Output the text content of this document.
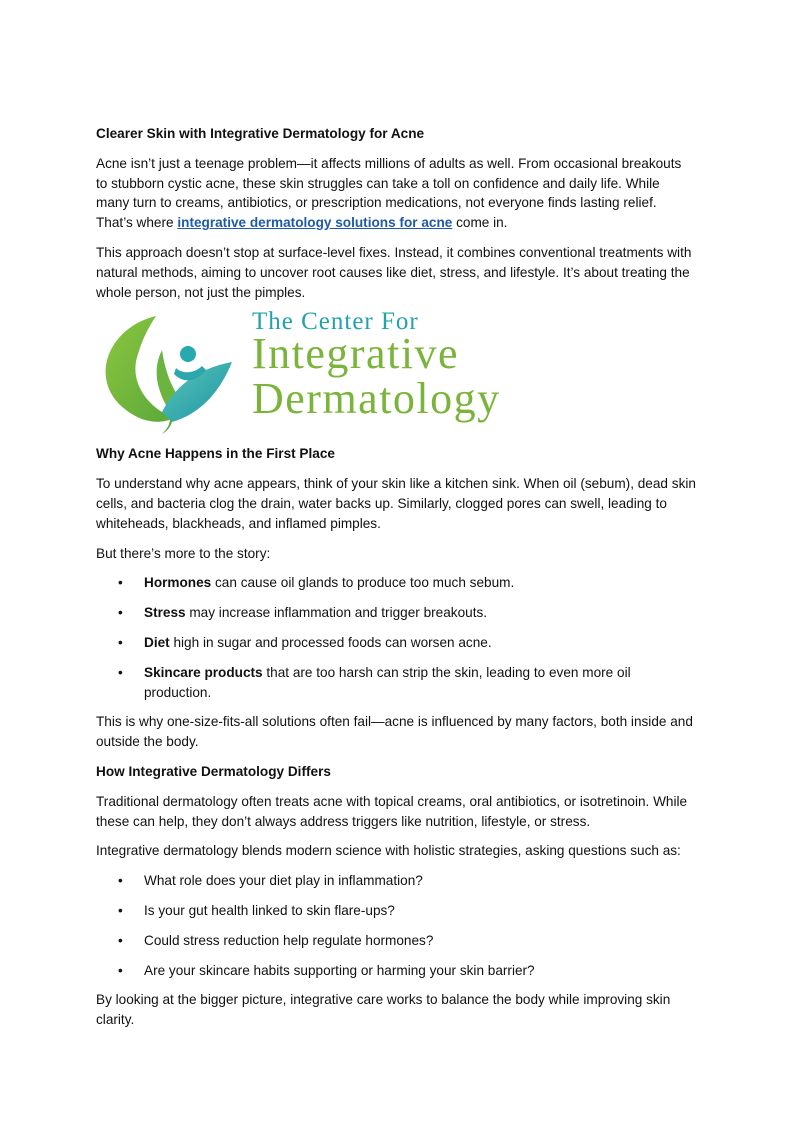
Clearer Skin with Integrative Dermatology for Acne

Acne isn’t just a teenage problem—it affects millions of adults as well. From occasional breakouts to stubborn cystic acne, these skin struggles can take a toll on confidence and daily life. While many turn to creams, antibiotics, or prescription medications, not everyone finds lasting relief. That’s where integrative dermatology solutions for acne come in.

This approach doesn’t stop at surface-level fixes. Instead, it combines conventional treatments with natural methods, aiming to uncover root causes like diet, stress, and lifestyle. It’s about treating the whole person, not just the pimples.

The Center For
Integrative
Dermatology
Why Acne Happens in the First Place

To understand why acne appears, think of your skin like a kitchen sink. When oil (sebum), dead skin cells, and bacteria clog the drain, water backs up. Similarly, clogged pores can swell, leading to whiteheads, blackheads, and inflamed pimples.

But there’s more to the story:

• Hormones can cause oil glands to produce too much sebum.
• Stress may increase inflammation and trigger breakouts.
• Diet high in sugar and processed foods can worsen acne.
• Skincare products that are too harsh can strip the skin, leading to even more oil production.

This is why one-size-fits-all solutions often fail—acne is influenced by many factors, both inside and outside the body.

How Integrative Dermatology Differs

Traditional dermatology often treats acne with topical creams, oral antibiotics, or isotretinoin. While these can help, they don’t always address triggers like nutrition, lifestyle, or stress.

Integrative dermatology blends modern science with holistic strategies, asking questions such as:

• What role does your diet play in inflammation?
• Is your gut health linked to skin flare-ups?
• Could stress reduction help regulate hormones?
• Are your skincare habits supporting or harming your skin barrier?

By looking at the bigger picture, integrative care works to balance the body while improving skin clarity.
